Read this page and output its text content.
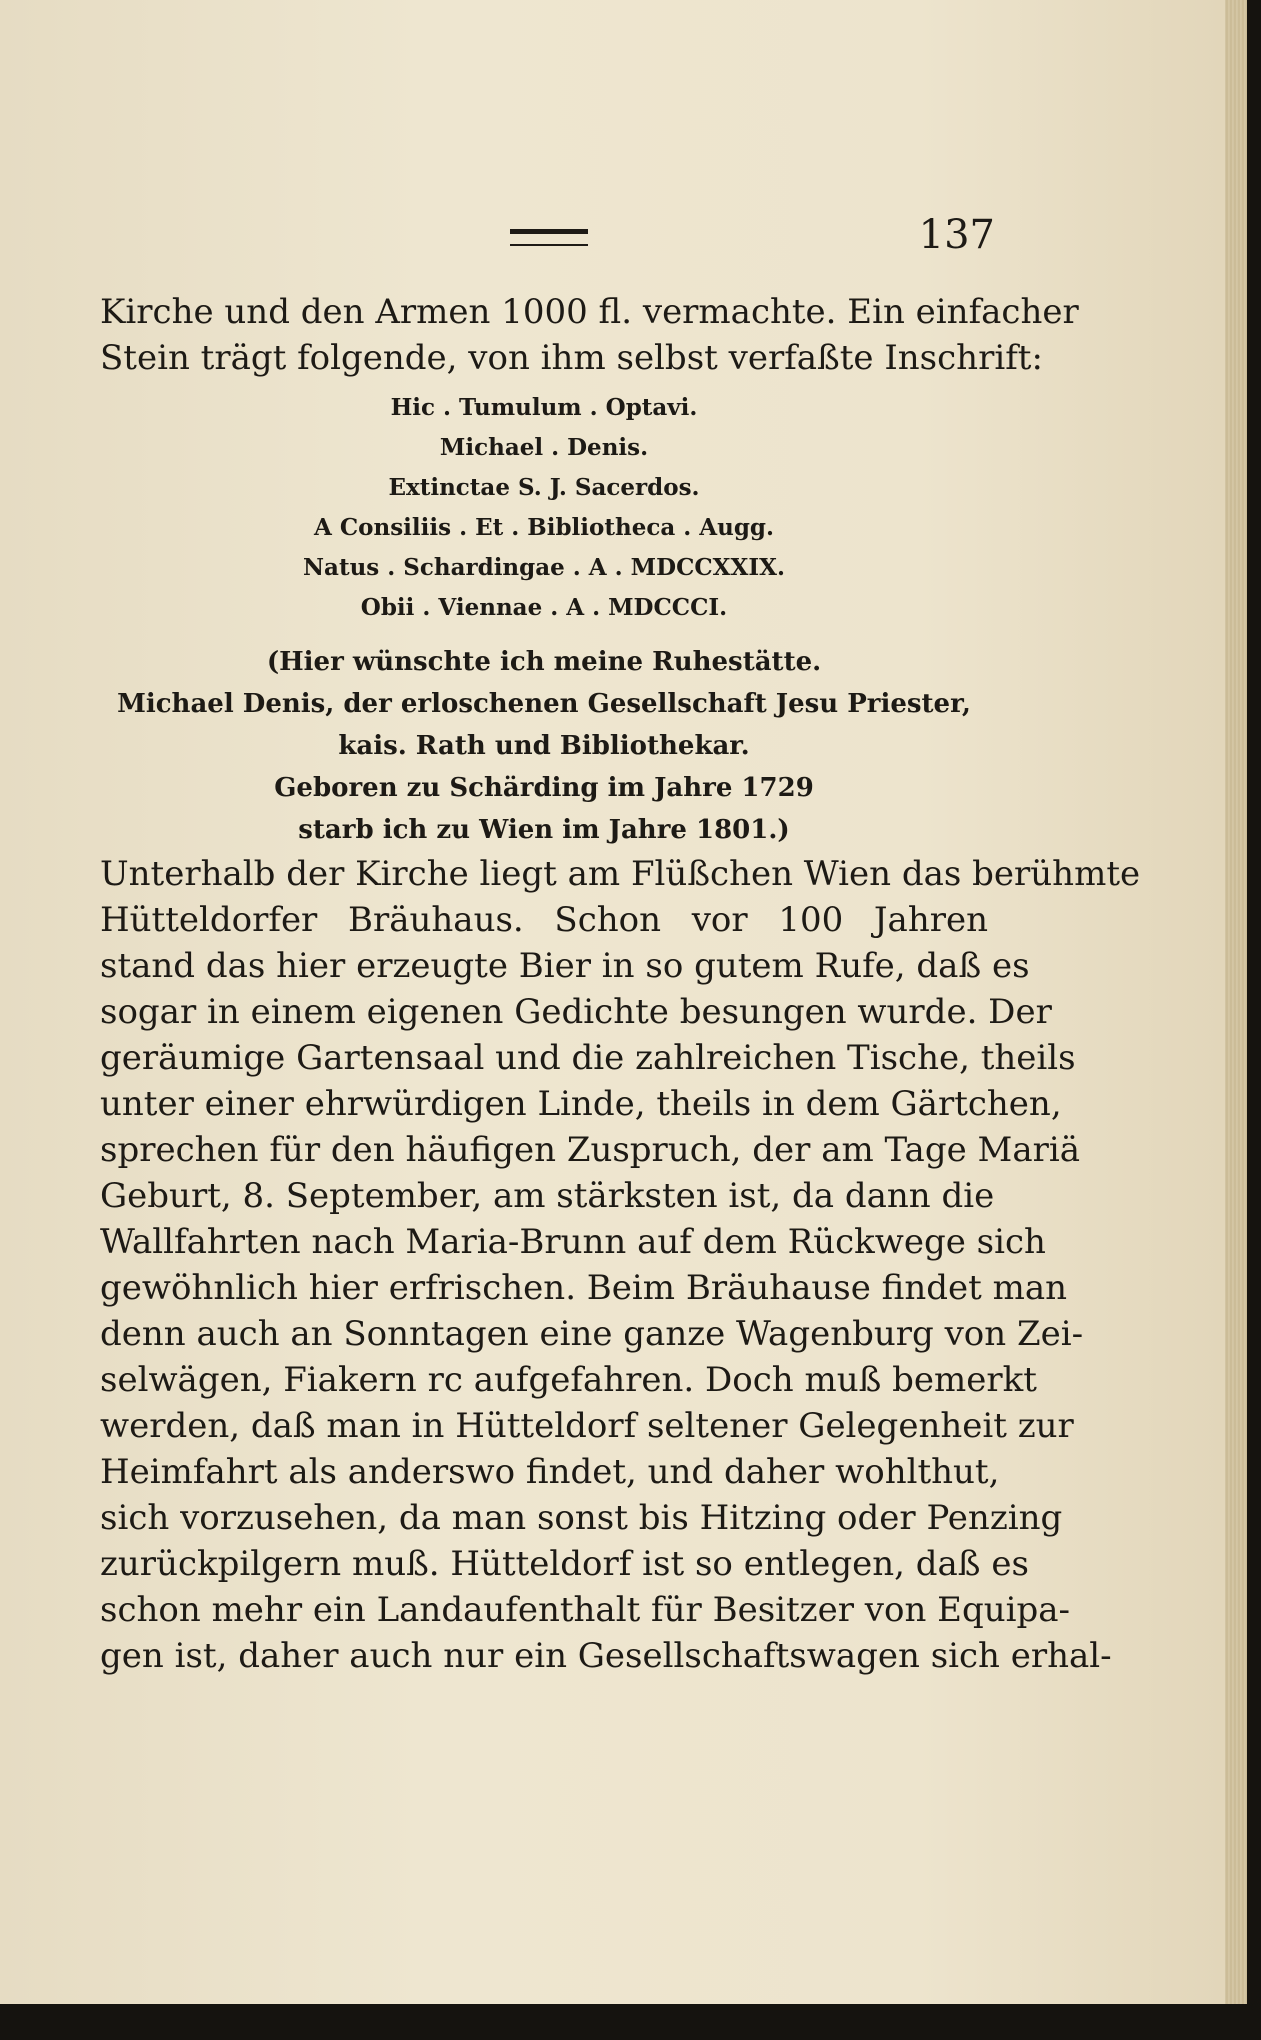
137
Kirche und den Armen 1000 fl. vermachte. Ein einfacher
Stein trägt folgende, von ihm selbst verfaßte Inschrift:
Hic . Tumulum . Optavi.
Michael . Denis.
Extinctae S. J. Sacerdos.
A Consiliis . Et . Bibliotheca . Augg.
Natus . Schardingae . A . MDCCXXIX.
Obii . Viennae . A . MDCCCI.
(Hier wünschte ich meine Ruhestätte.
Michael Denis, der erloschenen Gesellschaft Jesu Priester,
kais. Rath und Bibliothekar.
Geboren zu Schärding im Jahre 1729
starb ich zu Wien im Jahre 1801.)
Unterhalb der Kirche liegt am Flüßchen Wien das berühmte
Hütteldorfer Bräuhaus. Schon vor 100 Jahren
stand das hier erzeugte Bier in so gutem Rufe, daß es
sogar in einem eigenen Gedichte besungen wurde. Der
geräumige Gartensaal und die zahlreichen Tische, theils
unter einer ehrwürdigen Linde, theils in dem Gärtchen,
sprechen für den häufigen Zuspruch, der am Tage Mariä
Geburt, 8. September, am stärksten ist, da dann die
Wallfahrten nach Maria-Brunn auf dem Rückwege sich
gewöhnlich hier erfrischen. Beim Bräuhause findet man
denn auch an Sonntagen eine ganze Wagenburg von Zei-
selwägen, Fiakern rc aufgefahren. Doch muß bemerkt
werden, daß man in Hütteldorf seltener Gelegenheit zur
Heimfahrt als anderswo findet, und daher wohlthut,
sich vorzusehen, da man sonst bis Hitzing oder Penzing
zurückpilgern muß. Hütteldorf ist so entlegen, daß es
schon mehr ein Landaufenthalt für Besitzer von Equipa-
gen ist, daher auch nur ein Gesellschaftswagen sich erhal-
